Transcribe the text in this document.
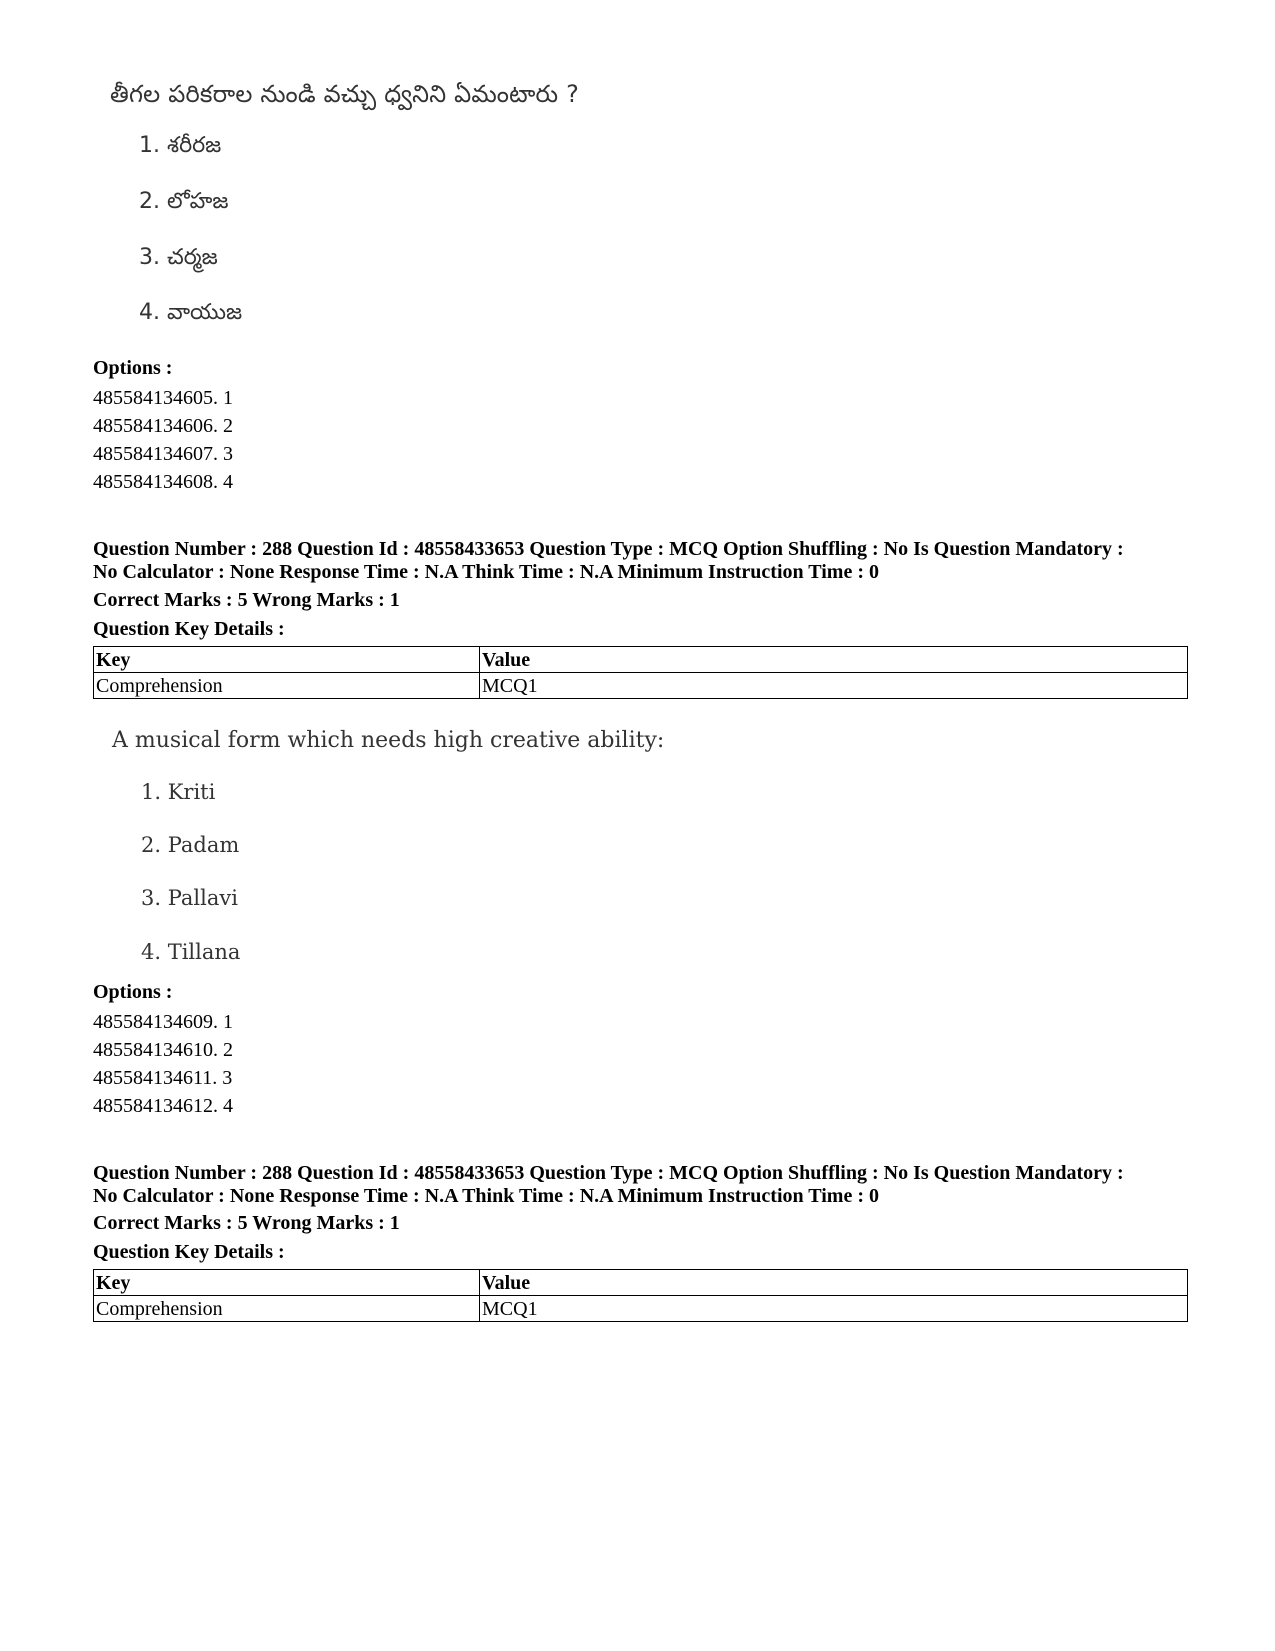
తీగల పరికరాల నుండి వచ్చు ధ్వనిని ఏమంటారు ?
1. శరీరజ
2. లోహజ
3. చర్మజ
4. వాయుజ
Options :
485584134605. 1
485584134606. 2
485584134607. 3
485584134608. 4
Question Number : 288 Question Id : 48558433653 Question Type : MCQ Option Shuffling : No Is Question Mandatory :
No Calculator : None Response Time : N.A Think Time : N.A Minimum Instruction Time : 0
Correct Marks : 5 Wrong Marks : 1
Question Key Details :
Key	Value
Comprehension	MCQ1
A musical form which needs high creative ability:
1. Kriti
2. Padam
3. Pallavi
4. Tillana
Options :
485584134609. 1
485584134610. 2
485584134611. 3
485584134612. 4
Question Number : 288 Question Id : 48558433653 Question Type : MCQ Option Shuffling : No Is Question Mandatory :
No Calculator : None Response Time : N.A Think Time : N.A Minimum Instruction Time : 0
Correct Marks : 5 Wrong Marks : 1
Question Key Details :
Key	Value
Comprehension	MCQ1
